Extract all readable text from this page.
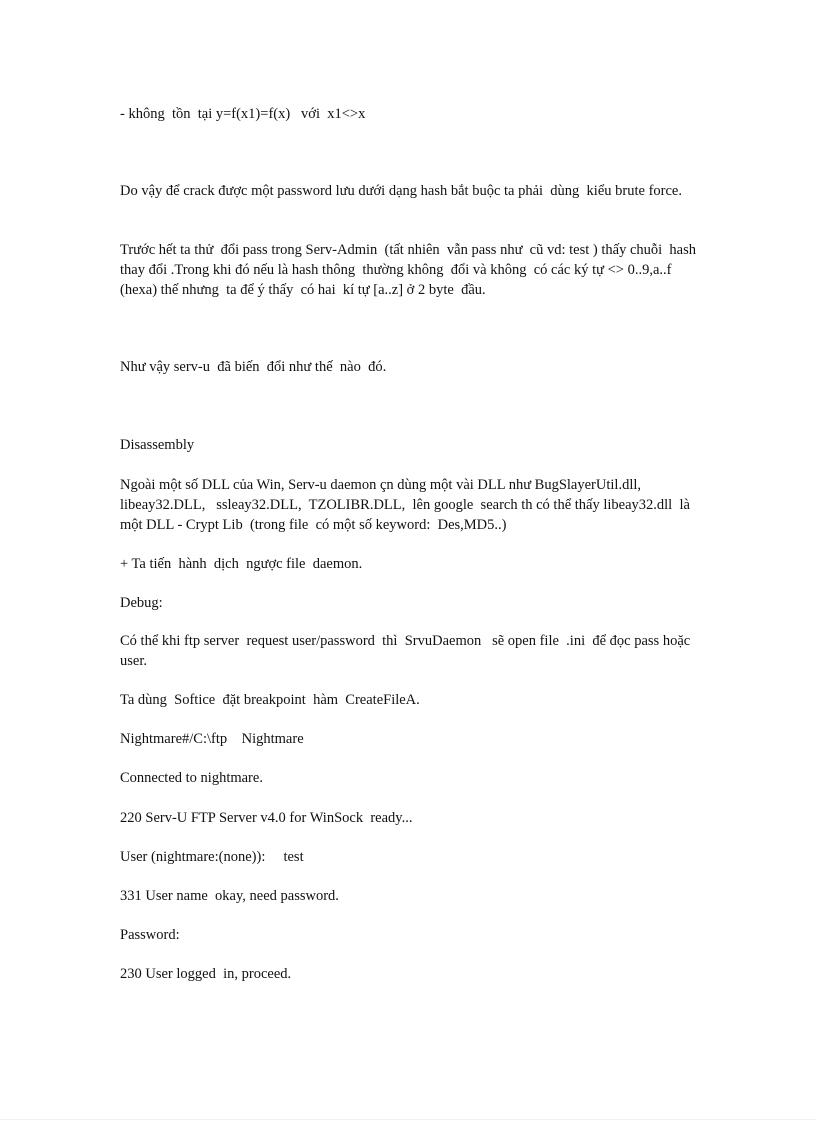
- không  tồn  tại y=f(x1)=f(x)   với  x1<>x

Do vậy để crack được một password lưu dưới dạng hash bắt buộc ta phải  dùng  kiểu brute force.

Trước hết ta thử  đổi pass trong Serv-Admin  (tất nhiên  vẫn pass như  cũ vd: test ) thấy chuỗi  hash thay đổi .Trong khi đó nếu là hash thông  thường không  đổi và không  có các ký tự <> 0..9,a..f (hexa) thế nhưng  ta để ý thấy  có hai  kí tự [a..z] ở 2 byte  đầu.

Như vậy serv-u  đã biến  đổi như thế  nào  đó.

Disassembly

Ngoài một số DLL của Win, Serv-u daemon çn dùng một vài DLL như BugSlayerUtil.dll,    libeay32.DLL,   ssleay32.DLL,  TZOLIBR.DLL,  lên google  search th có thể thấy libeay32.dll  là một DLL - Crypt Lib  (trong file  có một số keyword:  Des,MD5..)

+ Ta tiến  hành  dịch  ngược file  daemon.

Debug:

Có thể khi ftp server  request user/password  thì  SrvuDaemon   sẽ open file  .ini  để đọc pass hoặc user.

Ta dùng  Softice  đặt breakpoint  hàm  CreateFileA.

Nightmare#/C:\ftp    Nightmare

Connected to nightmare.

220 Serv-U FTP Server v4.0 for WinSock  ready...

User (nightmare:(none)):     test

331 User name  okay, need password.

Password:

230 User logged  in, proceed.
